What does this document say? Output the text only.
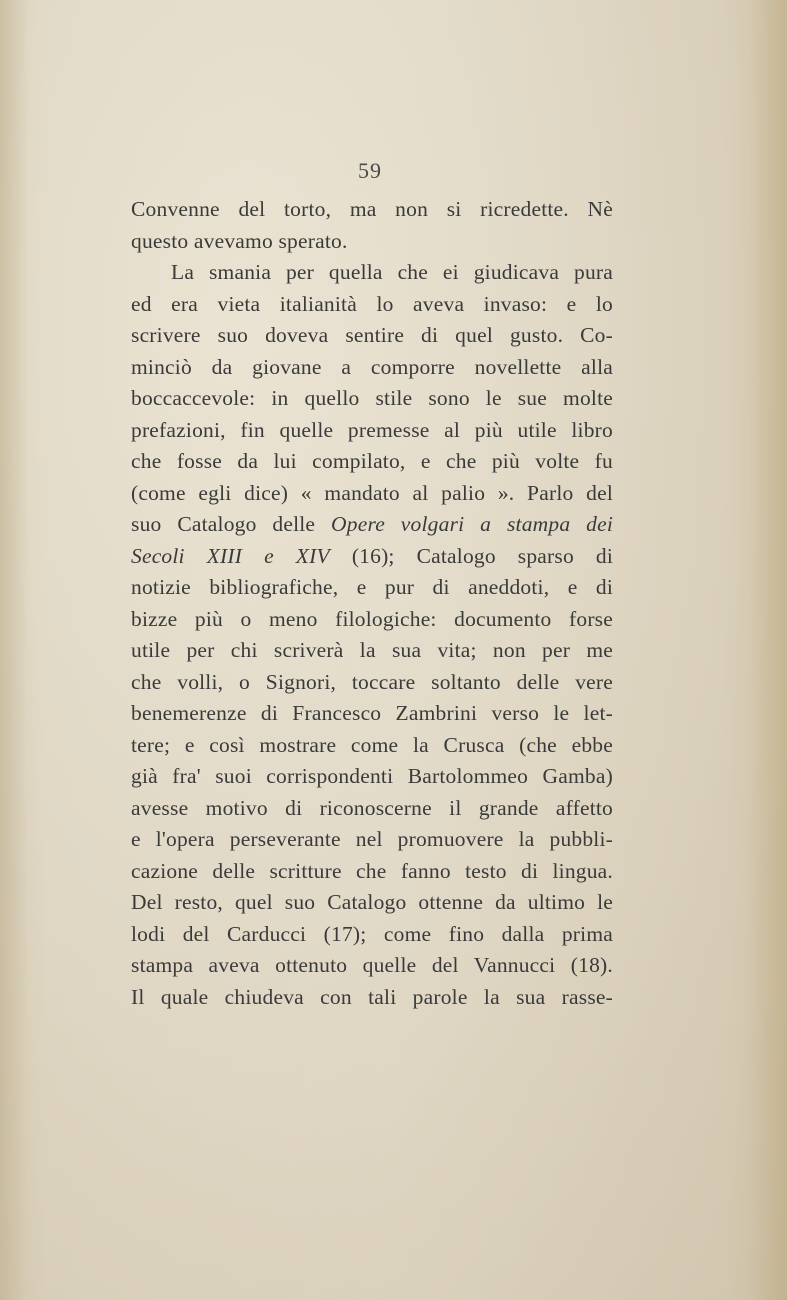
59
Convenne del torto, ma non si ricredette. Nè
questo avevamo sperato.
La smania per quella che ei giudicava pura
ed era vieta italianità lo aveva invaso: e lo
scrivere suo doveva sentire di quel gusto. Co-
minciò da giovane a comporre novellette alla
boccaccevole: in quello stile sono le sue molte
prefazioni, fin quelle premesse al più utile libro
che fosse da lui compilato, e che più volte fu
(come egli dice) « mandato al palio ». Parlo del
suo Catalogo delle Opere volgari a stampa dei
Secoli XIII e XIV (16); Catalogo sparso di
notizie bibliografiche, e pur di aneddoti, e di
bizze più o meno filologiche: documento forse
utile per chi scriverà la sua vita; non per me
che volli, o Signori, toccare soltanto delle vere
benemerenze di Francesco Zambrini verso le let-
tere; e così mostrare come la Crusca (che ebbe
già fra' suoi corrispondenti Bartolommeo Gamba)
avesse motivo di riconoscerne il grande affetto
e l'opera perseverante nel promuovere la pubbli-
cazione delle scritture che fanno testo di lingua.
Del resto, quel suo Catalogo ottenne da ultimo le
lodi del Carducci (17); come fino dalla prima
stampa aveva ottenuto quelle del Vannucci (18).
Il quale chiudeva con tali parole la sua rasse-
